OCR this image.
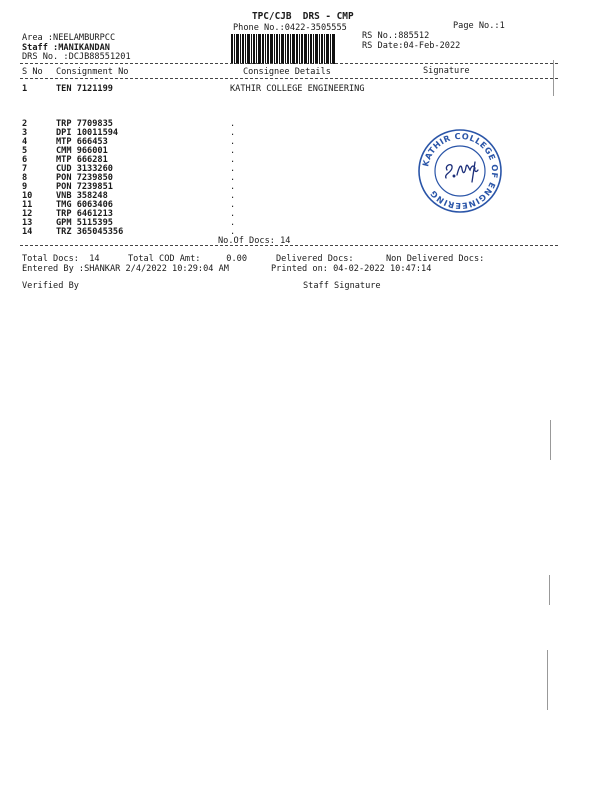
TPC/CJB  DRS - CMP
Phone No.:0422-3505555	Page No.:1
Area :NEELAMBURPCC
Staff :MANIKANDAN
DRS No. :DCJB88551201
RS No.:885512
RS Date:04-Feb-2022
S No Consignment No	Consignee Details	Signature
1	TEN 7121199	KATHIR COLLEGE ENGINEERING
2	TRP 7709835	.
3	DPI 10011594	.
4	MTP 666453	.
5	CMM 966001	.
6	MTP 666281	.
7	CUD 3133260	.
8	PON 7239850	.
9	PON 7239851	.
10	VNB 358248	.
11	TMG 6063406	.
12	TRP 6461213	.
13	GPM 5115395	.
14	TRZ 365045356	.
No.Of Docs: 14
Total Docs:  14	Total COD Amt:     0.00	Delivered Docs:	Non Delivered Docs:
Entered By :SHANKAR 2/4/2022 10:29:04 AM	Printed on: 04-02-2022 10:47:14
Verified By	Staff Signature
KATHIR COLLEGE OF ENGINEERING
